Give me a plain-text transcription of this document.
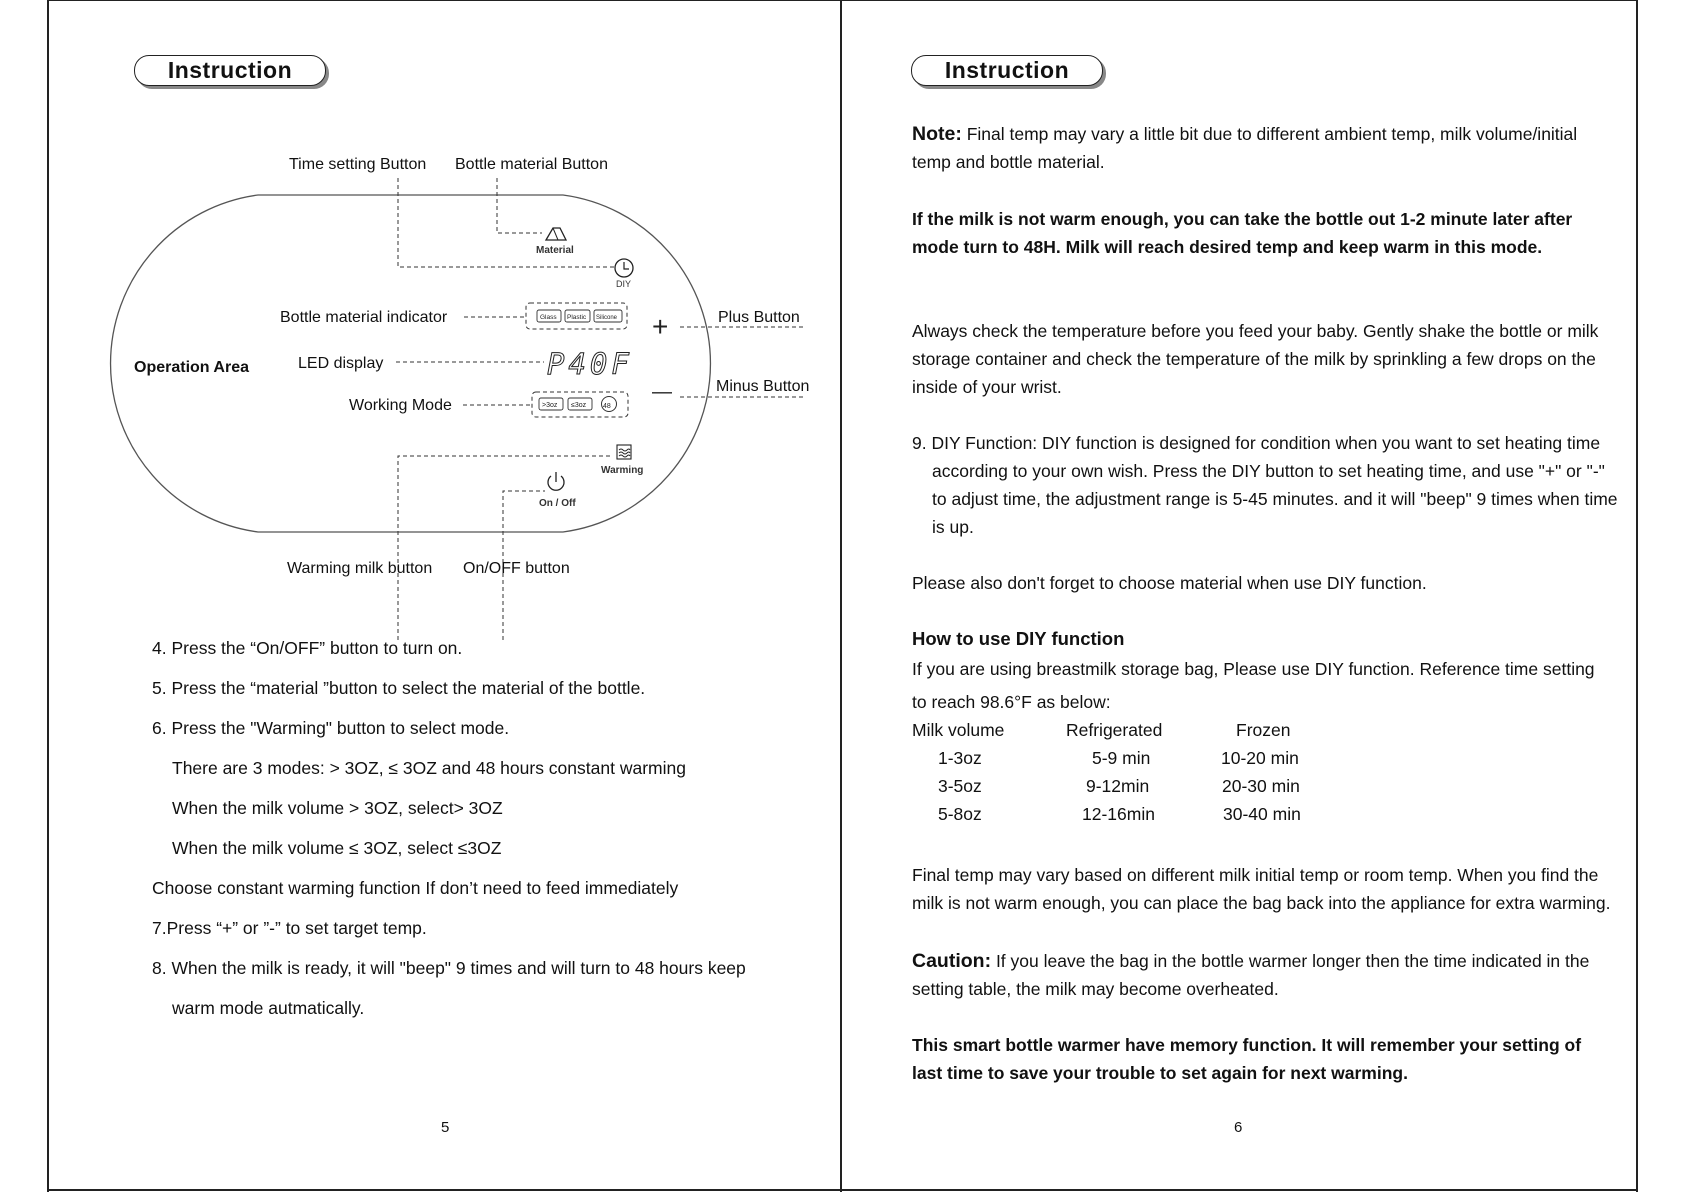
Instruction
Time setting Button Bottle material Button
Material
DIY
Bottle material indicator	Glass Plastic Silicone +	Plus Button
Operation Area	LED display	P40F
—	Minus Button
Working Mode	>3oz ≤3oz 48
Warming
On / Off
Warming milk button On/OFF button
4. Press the “On/OFF” button to turn on.
5. Press the “material ”button to select the material of the bottle.
6. Press the "Warming" button to select mode.
There are 3 modes: > 3OZ, ≤ 3OZ and 48 hours constant warming
When the milk volume > 3OZ, select> 3OZ
When the milk volume ≤ 3OZ, select ≤3OZ
Choose constant warming function If don’t need to feed immediately
7.Press “+” or ”-” to set target temp.
8. When the milk is ready, it will "beep" 9 times and will turn to 48 hours keep
warm mode autmatically.
5
Instruction
Note: Final temp may vary a little bit due to different ambient temp, milk volume/initial temp and bottle material.
If the milk is not warm enough, you can take the bottle out 1-2 minute later after mode turn to 48H. Milk will reach desired temp and keep warm in this mode.
Always check the temperature before you feed your baby. Gently shake the bottle or milk storage container and check the temperature of the milk by sprinkling a few drops on the inside of your wrist.
9. DIY Function: DIY function is designed for condition when you want to set heating time according to your own wish. Press the DIY button to set heating time, and use "+" or "-" to adjust time, the adjustment range is 5-45 minutes. and it will "beep" 9 times when time is up.
Please also don't forget to choose material when use DIY function.
How to use DIY function
If you are using breastmilk storage bag, Please use DIY function. Reference time setting to reach 98.6°F as below:
Milk volume	Refrigerated	Frozen
1-3oz	5-9 min	10-20 min
3-5oz	9-12min	20-30 min
5-8oz	12-16min	30-40 min
Final temp may vary based on different milk initial temp or room temp. When you find the milk is not warm enough, you can place the bag back into the appliance for extra warming.
Caution: If you leave the bag in the bottle warmer longer then the time indicated in the setting table, the milk may become overheated.
This smart bottle warmer have memory function. It will remember your setting of last time to save your trouble to set again for next warming.
6
